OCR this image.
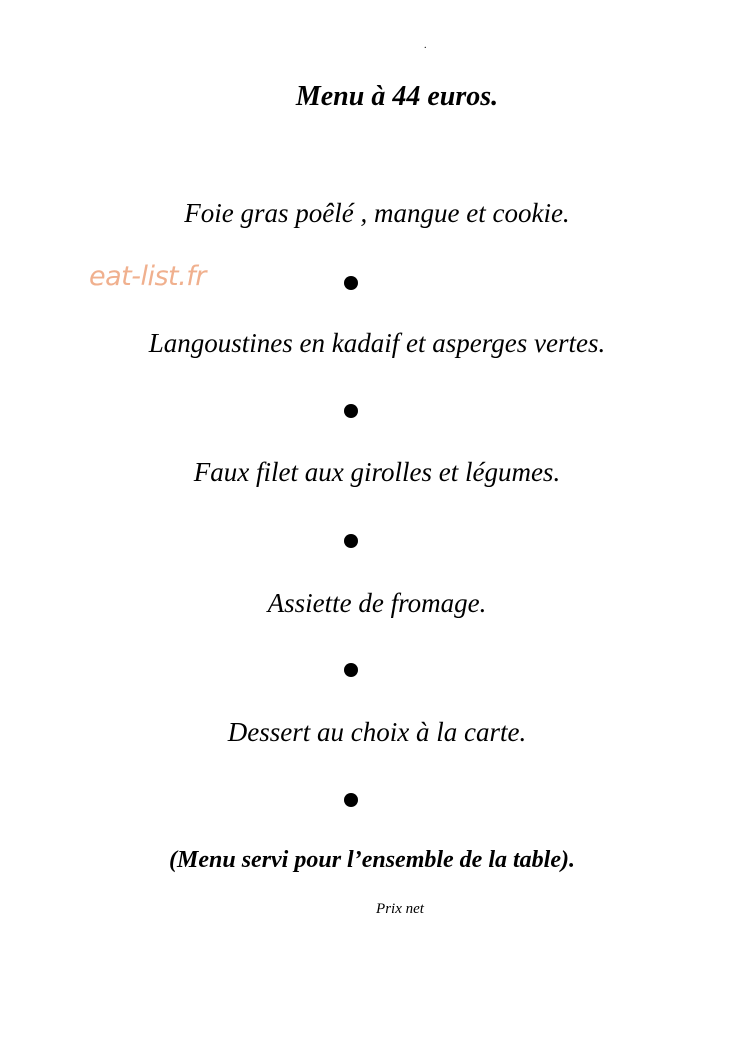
.
Menu à 44 euros.
Foie gras poêlé , mangue et cookie.
eat-list.fr
Langoustines en kadaif et asperges vertes.
Faux filet aux girolles et légumes.
Assiette de fromage.
Dessert au choix à la carte.
(Menu servi pour l’ensemble de la table).
Prix net
